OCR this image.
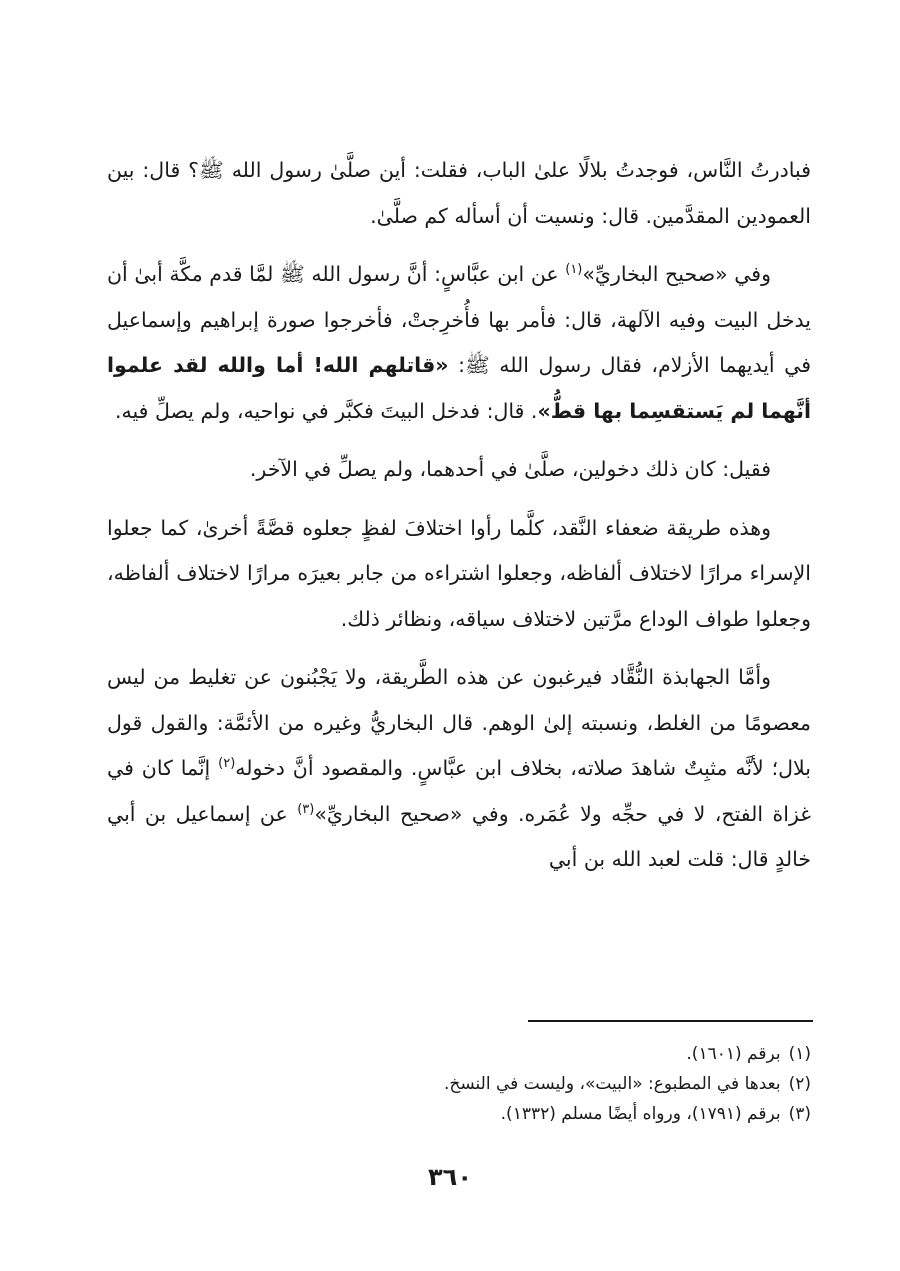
فبادرتُ النَّاس، فوجدتُ بلالًا علىٰ الباب، فقلت: أين صلَّىٰ رسول الله ﷺ؟ قال: بين العمودين المقدَّمين. قال: ونسيت أن أسأله كم صلَّىٰ.

وفي «صحيح البخاريِّ»$^{(١)}$ عن ابن عبَّاسٍ: أنَّ رسول الله ﷺ لمَّا قدم مكَّة أبىٰ أن يدخل البيت وفيه الآلهة، قال: فأمر بها فأُخرِجتْ، فأخرجوا صورة إبراهيم وإسماعيل في أيديهما الأزلام، فقال رسول الله ﷺ: «قاتلهم الله! أما والله لقد علموا أنَّهما لم يَستقسِما بها قطُّ». قال: فدخل البيتَ فكبَّر في نواحيه، ولم يصلِّ فيه.

فقيل: كان ذلك دخولين، صلَّىٰ في أحدهما، ولم يصلِّ في الآخر.

وهذه طريقة ضعفاء النَّقد، كلَّما رأوا اختلافَ لفظٍ جعلوه قصَّةً أخرىٰ، كما جعلوا الإسراء مرارًا لاختلاف ألفاظه، وجعلوا اشتراءه من جابر بعيرَه مرارًا لاختلاف ألفاظه، وجعلوا طواف الوداع مرَّتين لاختلاف سياقه، ونظائر ذلك.

وأمَّا الجهابذة النُّقَّاد فيرغبون عن هذه الطَّريقة، ولا يَجْبُنون عن تغليط من ليس معصومًا من الغلط، ونسبته إلىٰ الوهم. قال البخاريُّ وغيره من الأئمَّة: والقول قول بلال؛ لأنَّه مثبِتٌ شاهدَ صلاته، بخلاف ابن عبَّاسٍ. والمقصود أنَّ دخوله$^{(٢)}$ إنَّما كان في غزاة الفتح، لا في حجِّه ولا عُمَره. وفي «صحيح البخاريِّ»$^{(٣)}$ عن إسماعيل بن أبي خالدٍ قال: قلت لعبد الله بن أبي

(١)برقم (١٦٠١).
(٢)بعدها في المطبوع: «البيت»، وليست في النسخ.
(٣)برقم (١٧٩١)، ورواه أيضًا مسلم (١٣٣٢).
٣٦٠
